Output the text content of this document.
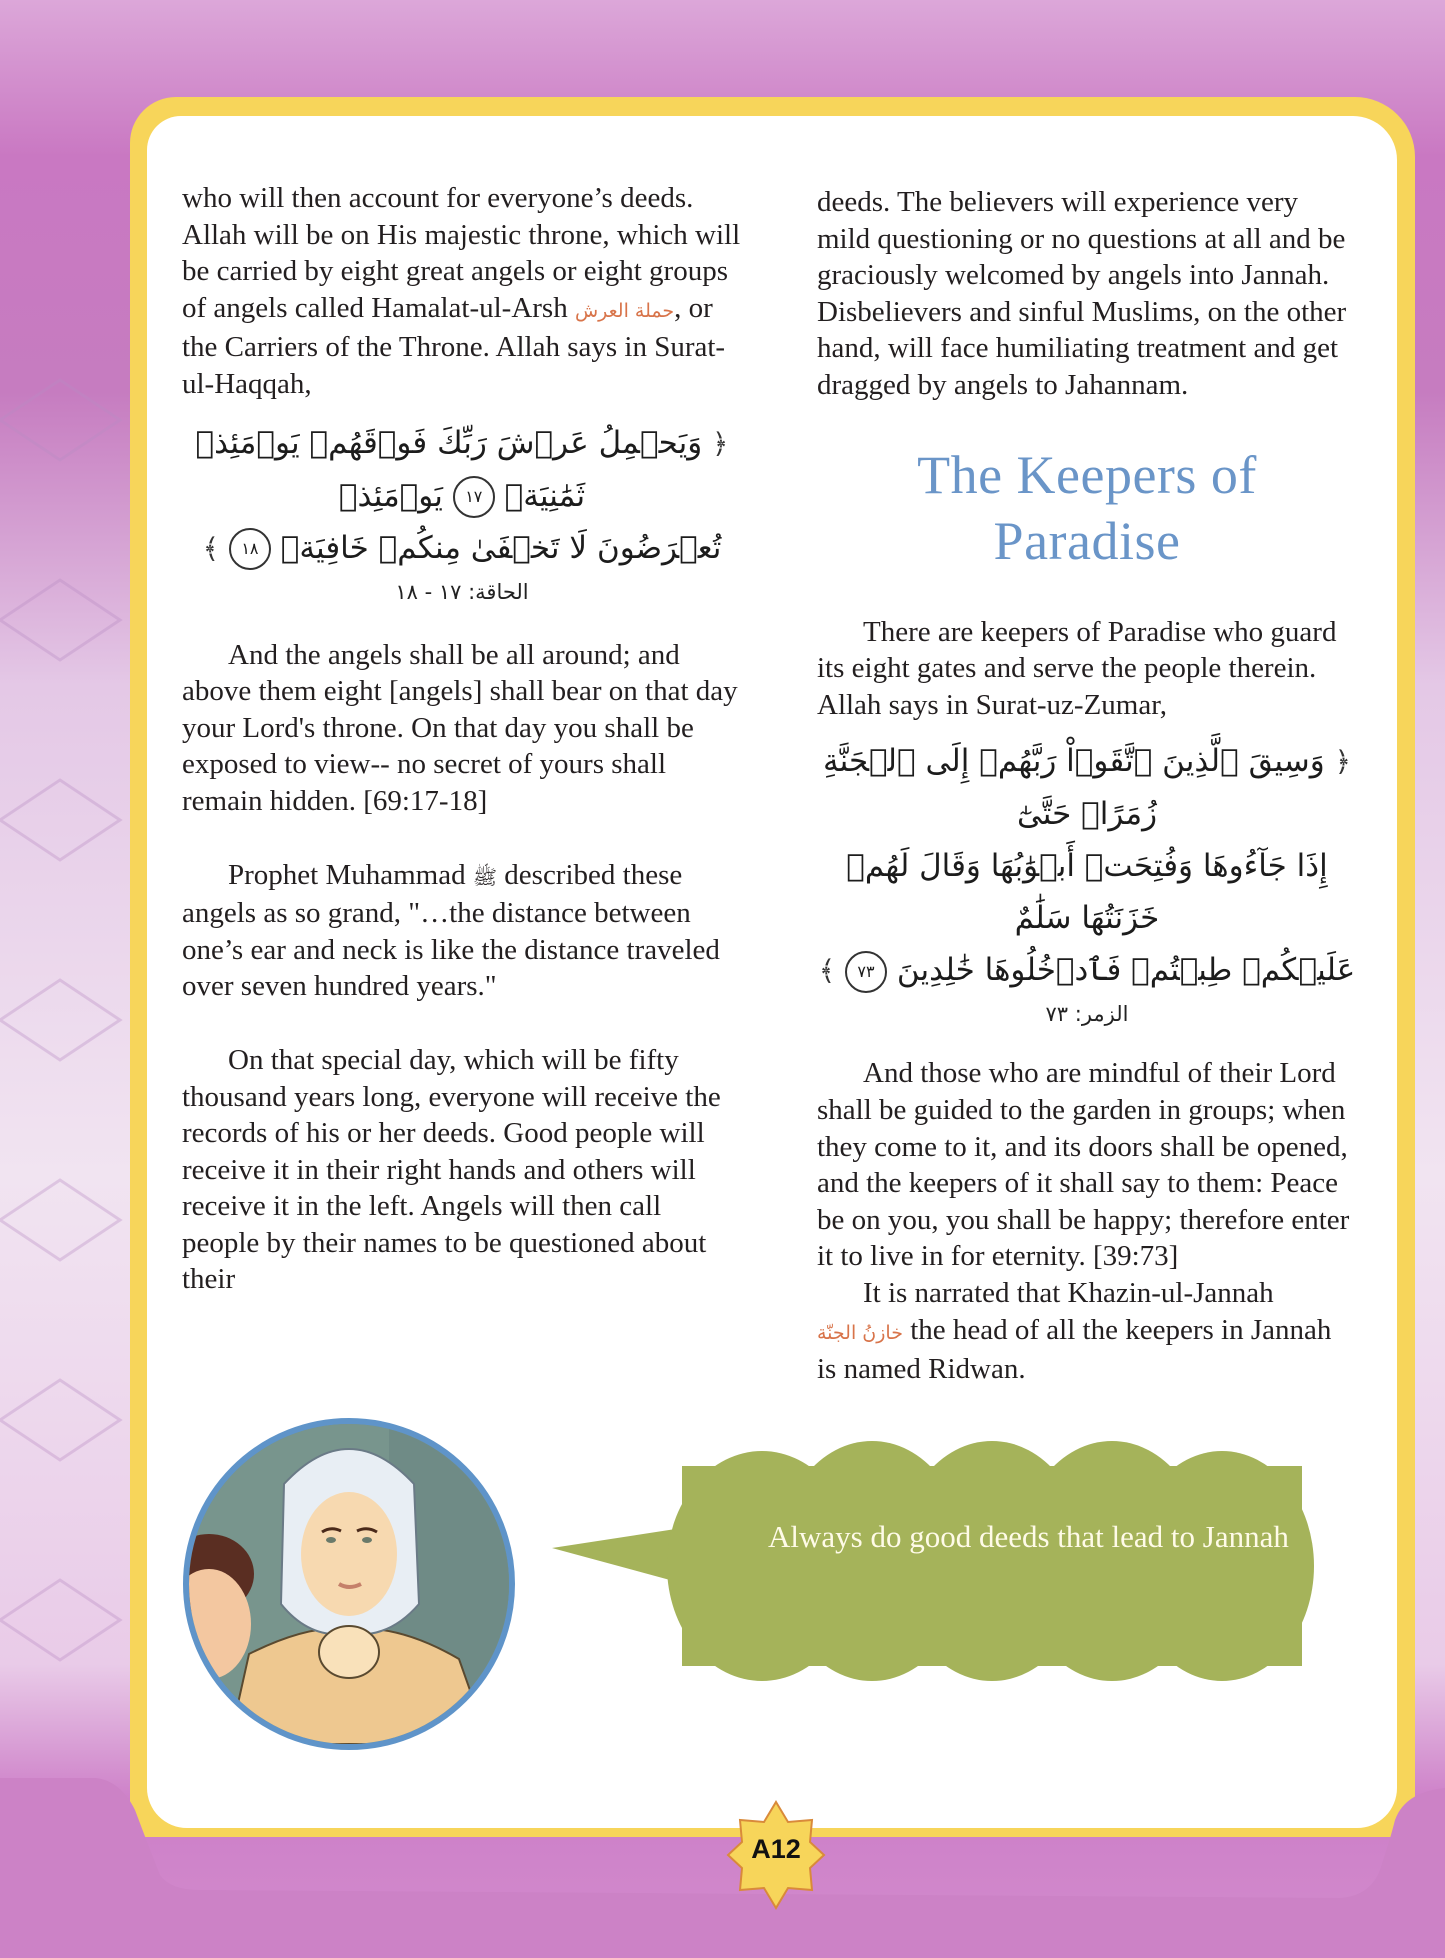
who will then account for everyone’s deeds. Allah will be on His majestic throne, which will be carried by eight great angels or eight groups of angels called Hamalat-ul-Arsh حملة العرش, or the Carriers of the Throne. Allah says in Surat-ul-Haqqah,

﴿ وَيَحۡمِلُ عَرۡشَ رَبِّكَ فَوۡقَهُمۡ يَوۡمَئِذٖ ثَمَٰنِيَةٞ ١٧ يَوۡمَئِذٖ
تُعۡرَضُونَ لَا تَخۡفَىٰ مِنكُمۡ خَافِيَةٞ ١٨ ﴾
الحاقة: ١٧ - ١٨

And the angels shall be all around; and above them eight [angels] shall bear on that day your Lord's throne. On that day you shall be exposed to view-- no secret of yours shall remain hidden. [69:17-18]

Prophet Muhammad ﷺ described these angels as so grand, "…the distance between one’s ear and neck is like the distance traveled over seven hundred years."

On that special day, which will be fifty thousand years long, everyone will receive the records of his or her deeds. Good people will receive it in their right hands and others will receive it in the left. Angels will then call people by their names to be questioned about their

deeds. The believers will experience very mild questioning or no questions at all and be graciously welcomed by angels into Jannah. Disbelievers and sinful Muslims, on the other hand, will face humiliating treatment and get dragged by angels to Jahannam.

The Keepers of Paradise

There are keepers of Paradise who guard its eight gates and serve the people therein. Allah says in Surat-uz-Zumar,

﴿ وَسِيقَ ٱلَّذِينَ ٱتَّقَوۡاْ رَبَّهُمۡ إِلَى ٱلۡجَنَّةِ زُمَرًاۖ حَتَّىٰٓ
إِذَا جَآءُوهَا وَفُتِحَتۡ أَبۡوَٰبُهَا وَقَالَ لَهُمۡ خَزَنَتُهَا سَلَٰمٌ
عَلَيۡكُمۡ طِبۡتُمۡ فَٱدۡخُلُوهَا خَٰلِدِينَ ٧٣ ﴾
الزمر: ٧٣

And those who are mindful of their Lord shall be guided to the garden in groups; when they come to it, and its doors shall be opened, and the keepers of it shall say to them: Peace be on you, you shall be happy; therefore enter it to live in for eternity. [39:73]

It is narrated that Khazin-ul-Jannah

خازنُ الجنّة the head of all the keepers in Jannah is named Ridwan.

Always do good deeds that lead to Jannah
A12
